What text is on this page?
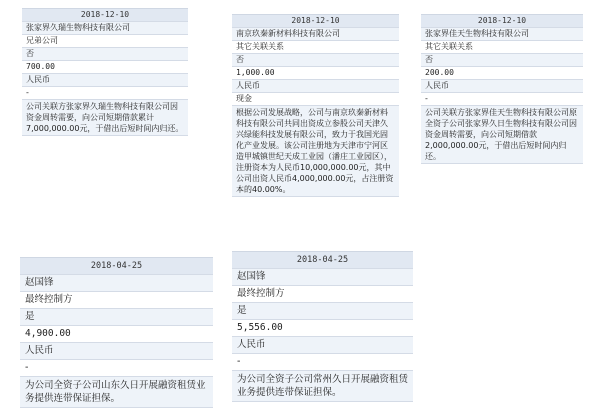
2018-12-10
张家界久瑞生物科技有限公司
兄弟公司
否
700.00
人民币
-
公司关联方张家界久瑞生物科技有限公司因资金周转需要，向公司短期借款累计7,000,000.00元，于借出后短时间内归还。
2018-12-10
南京玖秦新材料科技有限公司
其它关联关系
否
1,000.00
人民币
现金
根据公司发展战略，公司与南京玖秦新材料科技有限公司共同出资成立参股公司天津久兴绿能科技发展有限公司，致力于我国光固化产业发展。该公司注册地为天津市宁河区造甲城镇世纪天成工业园（潘庄工业园区），注册资本为人民币10,000,000.00元，其中公司出资人民币4,000,000.00元，占注册资本的40.00%。
2018-12-10
张家界佳天生物科技有限公司
其它关联关系
否
200.00
人民币
-
公司关联方张家界佳天生物科技有限公司原全资子公司张家界久日生物科技有限公司因资金周转需要，向公司短期借款2,000,000.00元，于借出后短时间内归还。
2018-04-25
赵国锋
最终控制方
是
4,900.00
人民币
-
为公司全资子公司山东久日开展融资租赁业务提供连带保证担保。
2018-04-25
赵国锋
最终控制方
是
5,556.00
人民币
-
为公司全资子公司常州久日开展融资租赁业务提供连带保证担保。
